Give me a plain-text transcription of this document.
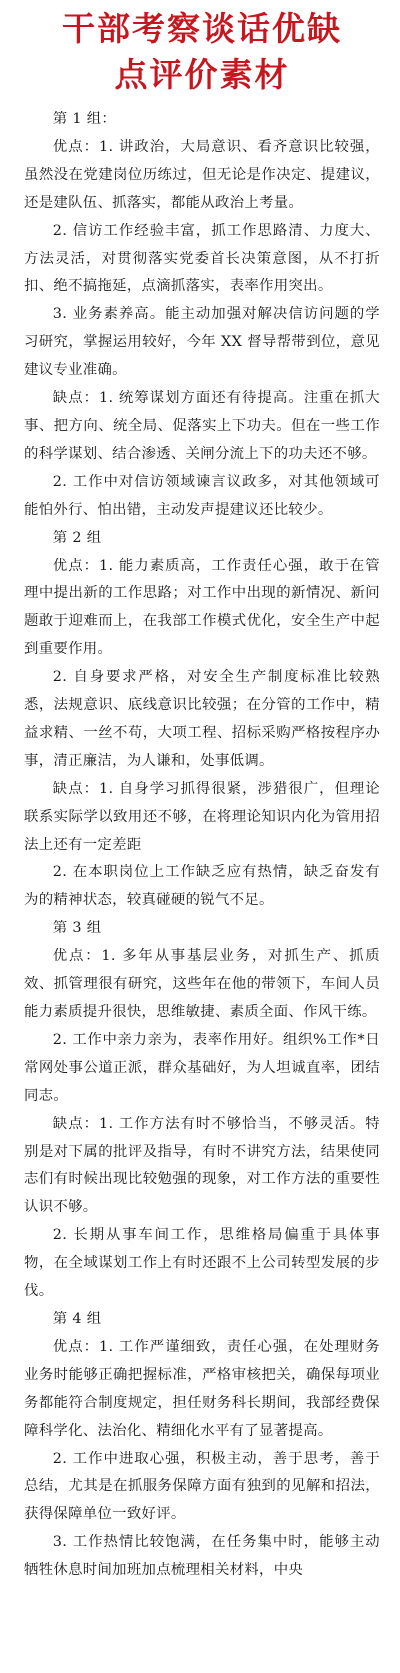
干部考察谈话优缺
点评价素材

第 1 组：

优点：1. 讲政治，大局意识、看齐意识比较强，虽然没在党建岗位历练过，但无论是作决定、提建议，还是建队伍、抓落实，都能从政治上考量。

2. 信访工作经验丰富，抓工作思路清、力度大、方法灵活，对贯彻落实党委首长决策意图，从不打折扣、绝不搞拖延，点滴抓落实，表率作用突出。

3. 业务素养高。能主动加强对解决信访问题的学习研究，掌握运用较好，今年 XX 督导帮带到位，意见建议专业准确。

缺点：1. 统筹谋划方面还有待提高。注重在抓大事、把方向、统全局、促落实上下功夫。但在一些工作的科学谋划、结合渗透、关闸分流上下的功夫还不够。

2. 工作中对信访领域谏言议政多，对其他领域可能怕外行、怕出错，主动发声提建议还比较少。

第 2 组

优点：1. 能力素质高，工作责任心强，敢于在管理中提出新的工作思路；对工作中出现的新情况、新问题敢于迎难而上，在我部工作模式优化，安全生产中起到重要作用。

2. 自身要求严格，对安全生产制度标准比较熟悉，法规意识、底线意识比较强；在分管的工作中，精益求精、一丝不苟，大项工程、招标采购严格按程序办事，清正廉洁，为人谦和，处事低调。

缺点：1. 自身学习抓得很紧，涉猎很广，但理论联系实际学以致用还不够，在将理论知识内化为管用招法上还有一定差距

2. 在本职岗位上工作缺乏应有热情，缺乏奋发有为的精神状态，较真碰硬的锐气不足。

第 3 组

优点：1. 多年从事基层业务，对抓生产、抓质效、抓管理很有研究，这些年在他的带领下，车间人员能力素质提升很快，思维敏捷、素质全面、作风干练。

2. 工作中亲力亲为，表率作用好。组织%工作*日常网处事公道正派，群众基础好，为人坦诚直率，团结同志。

缺点：1. 工作方法有时不够恰当，不够灵活。特别是对下属的批评及指导，有时不讲究方法，结果使同志们有时候出现比较勉强的现象，对工作方法的重要性认识不够。

2. 长期从事车间工作，思维格局偏重于具体事物，在全域谋划工作上有时还跟不上公司转型发展的步伐。

第 4 组

优点：1. 工作严谨细致，责任心强，在处理财务业务时能够正确把握标准，严格审核把关，确保每项业务都能符合制度规定，担任财务科长期间，我部经费保障科学化、法治化、精细化水平有了显著提高。

2. 工作中进取心强，积极主动，善于思考，善于总结，尤其是在抓服务保障方面有独到的见解和招法，获得保障单位一致好评。

3. 工作热情比较饱满，在任务集中时，能够主动牺牲休息时间加班加点梳理相关材料，中央
